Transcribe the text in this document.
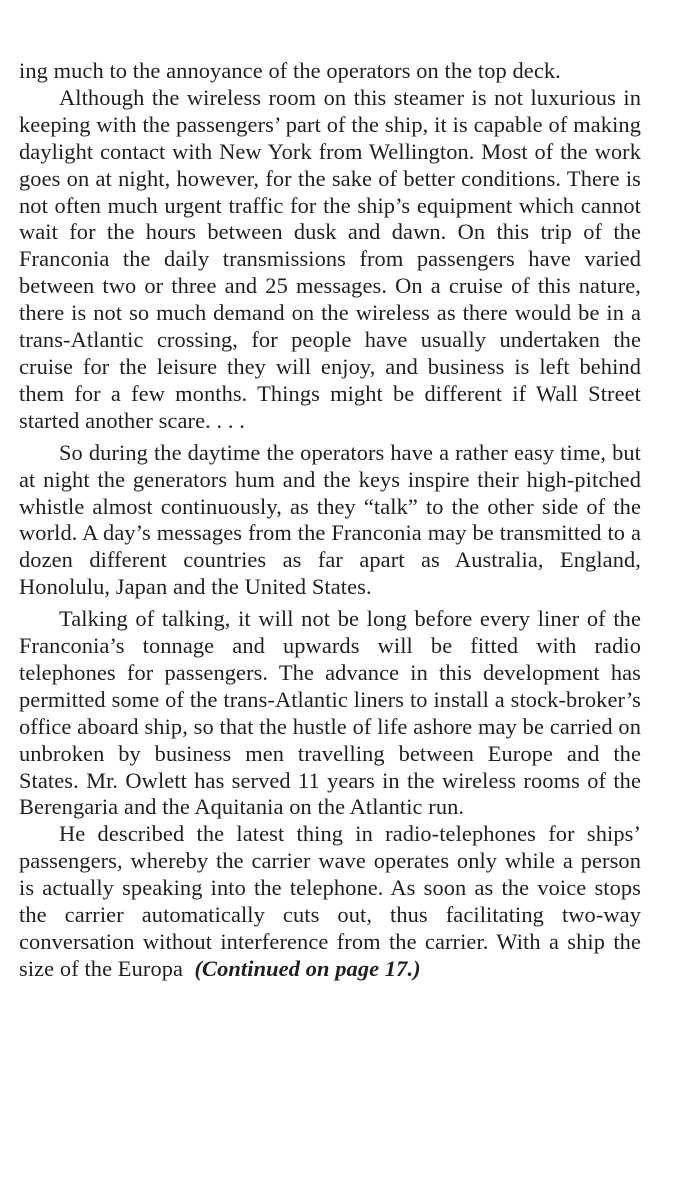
ing much to the annoyance of the operators on the top deck.

Although the wireless room on this steamer is not luxurious in keeping with the passengers’ part of the ship, it is capable of making daylight contact with New York from Wellington. Most of the work goes on at night, however, for the sake of better conditions. There is not often much urgent traffic for the ship’s equipment which cannot wait for the hours between dusk and dawn. On this trip of the Franconia the daily transmissions from passengers have varied between two or three and 25 messages. On a cruise of this nature, there is not so much demand on the wireless as there would be in a trans-Atlantic crossing, for people have usually undertaken the cruise for the leisure they will enjoy, and business is left behind them for a few months. Things might be different if Wall Street started another scare. . . .

So during the daytime the operators have a rather easy time, but at night the generators hum and the keys inspire their high-pitched whistle almost continuously, as they “talk” to the other side of the world. A day’s messages from the Franconia may be transmitted to a dozen different countries as far apart as Australia, England, Honolulu, Japan and the United States.

Talking of talking, it will not be long before every liner of the Franconia’s tonnage and upwards will be fitted with radio telephones for passengers. The advance in this development has permitted some of the trans-Atlantic liners to install a stock-broker’s office aboard ship, so that the hustle of life ashore may be carried on unbroken by business men travelling between Europe and the States. Mr. Owlett has served 11 years in the wireless rooms of the Berengaria and the Aquitania on the Atlantic run.

He described the latest thing in radio-telephones for ships’ passengers, whereby the carrier wave operates only while a person is actually speaking into the telephone. As soon as the voice stops the carrier automatically cuts out, thus facilitating two-way conversation without interference from the carrier. With a ship the size of the Europa (Continued on page 17.)
